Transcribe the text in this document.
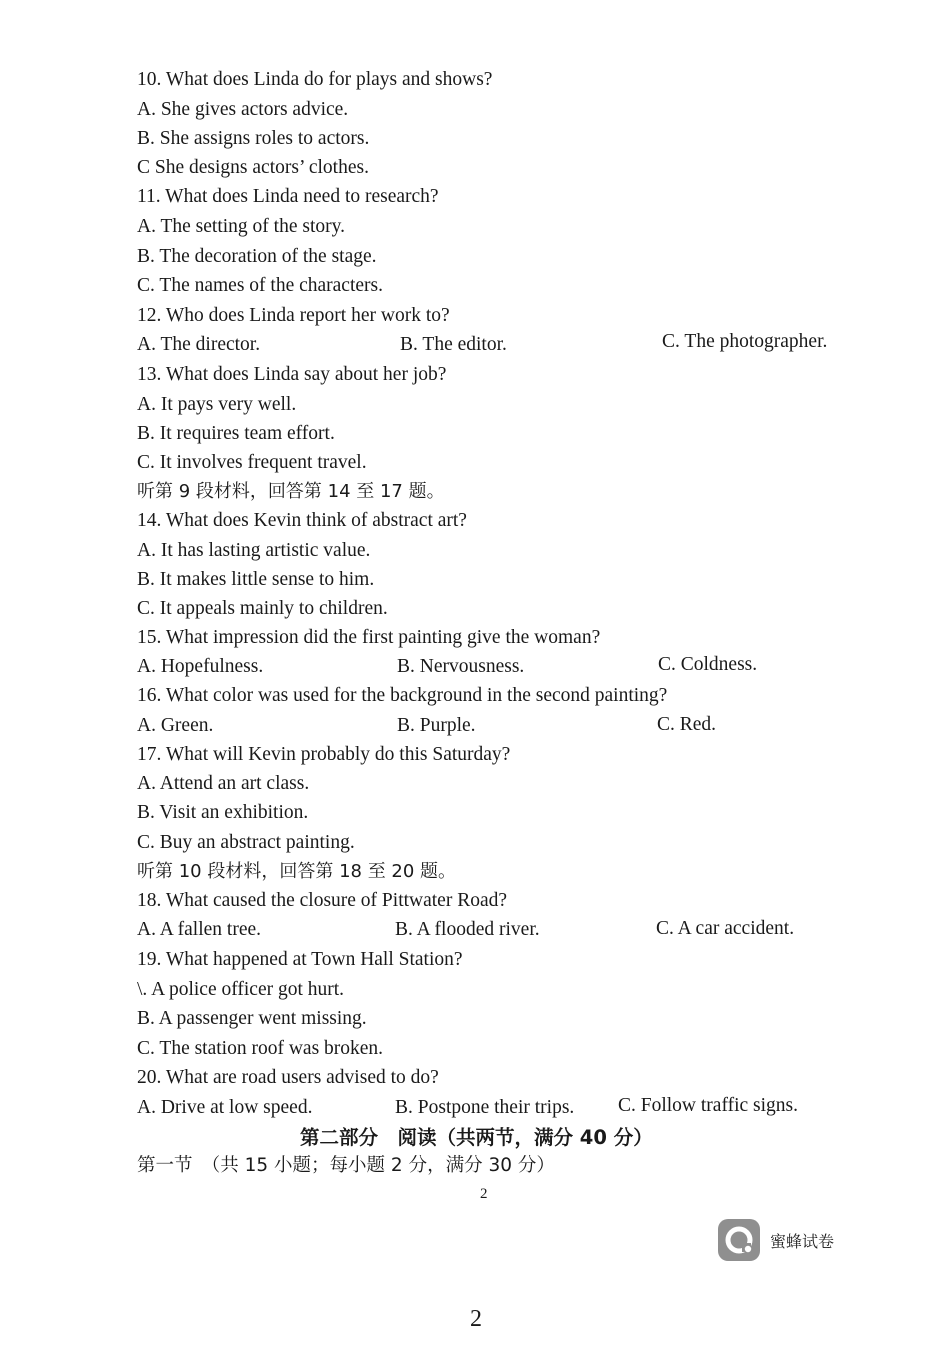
10. What does Linda do for plays and shows?
A. She gives actors advice.
B. She assigns roles to actors.
C She designs actors’ clothes.
11. What does Linda need to research?
A. The setting of the story.
B. The decoration of the stage.
C. The names of the characters.
12. Who does Linda report her work to?
A. The director.	B. The editor.	C. The photographer.
13. What does Linda say about her job?
A. It pays very well.
B. It requires team effort.
C. It involves frequent travel.
听第 9 段材料，回答第 14 至 17 题。
14. What does Kevin think of abstract art?
A. It has lasting artistic value.
B. It makes little sense to him.
C. It appeals mainly to children.
15. What impression did the first painting give the woman?
A. Hopefulness.	B. Nervousness.	C. Coldness.
16. What color was used for the background in the second painting?
A. Green.	B. Purple.	C. Red.
17. What will Kevin probably do this Saturday?
A. Attend an art class.
B. Visit an exhibition.
C. Buy an abstract painting.
听第 10 段材料，回答第 18 至 20 题。
18. What caused the closure of Pittwater Road?
A. A fallen tree.	B. A flooded river.	C. A car accident.
19. What happened at Town Hall Station?
\. A police officer got hurt.
B. A passenger went missing.
C. The station roof was broken.
20. What are road users advised to do?
A. Drive at low speed.	B. Postpone their trips. C. Follow traffic signs.
第二部分　阅读（共两节，满分 40 分）
第一节　（共 15 小题；每小题 2 分，满分 30 分）
2
蜜蜂试卷
2
